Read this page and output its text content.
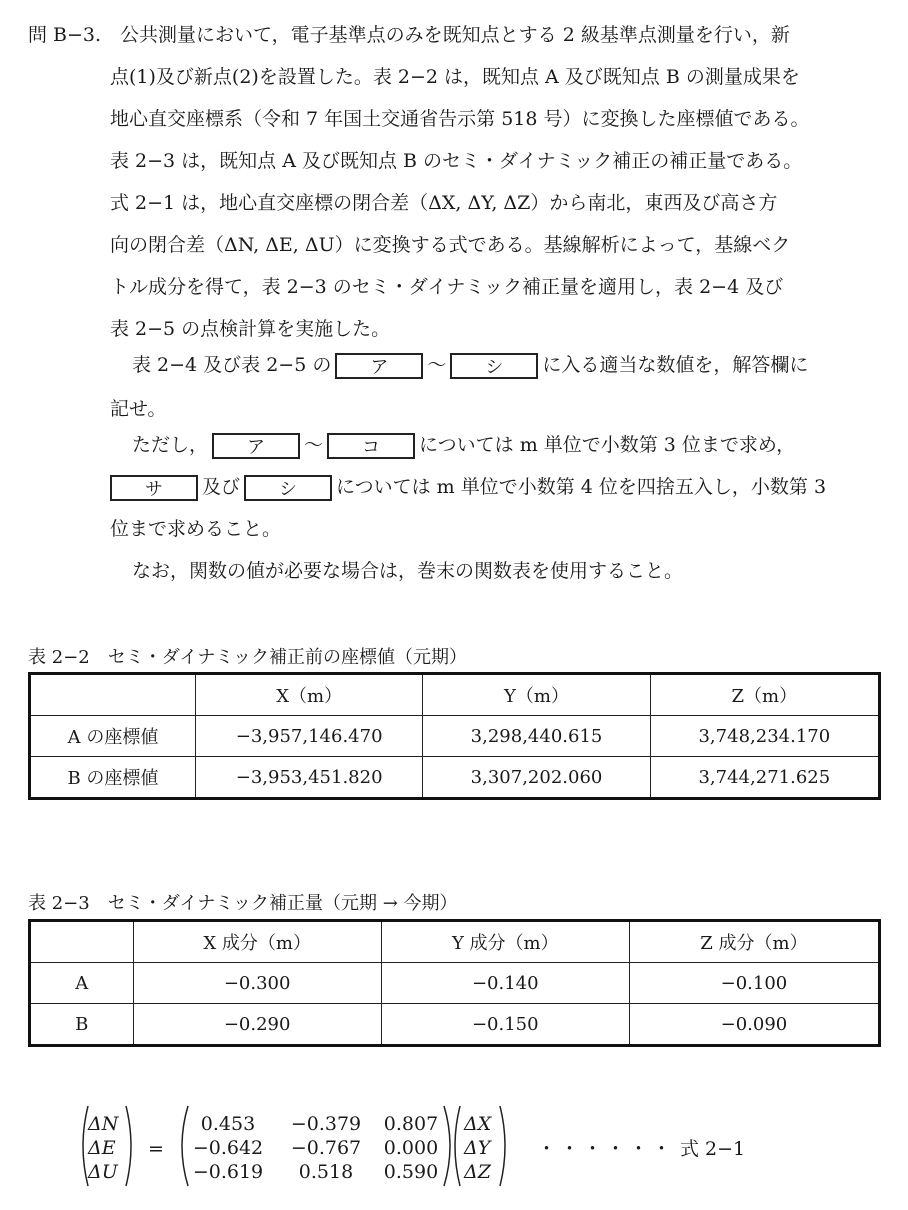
問 B−3.　公共測量において，電子基準点のみを既知点とする 2 級基準点測量を行い，新
点(1)及び新点(2)を設置した。表 2−2 は，既知点 A 及び既知点 B の測量成果を
地心直交座標系（令和 7 年国土交通省告示第 518 号）に変換した座標値である。
表 2−3 は，既知点 A 及び既知点 B のセミ・ダイナミック補正の補正量である。
式 2−1 は，地心直交座標の閉合差（ΔX, ΔY, ΔZ）から南北，東西及び高さ方
向の閉合差（ΔN, ΔE, ΔU）に変換する式である。基線解析によって，基線ベク
トル成分を得て，表 2−3 のセミ・ダイナミック補正量を適用し，表 2−4 及び
表 2−5 の点検計算を実施した。
表 2−4 及び表 2−5 の ア 〜 シ に入る適当な数値を，解答欄に
記せ。
ただし， ア 〜 コ については m 単位で小数第 3 位まで求め，
サ 及び シ については m 単位で小数第 4 位を四捨五入し，小数第 3
位まで求めること。
なお，関数の値が必要な場合は，巻末の関数表を使用すること。
表 2−2　セミ・ダイナミック補正前の座標値（元期）
	X（m）	Y（m）	Z（m）
A の座標値	−3,957,146.470	3,298,440.615	3,748,234.170
B の座標値	−3,953,451.820	3,307,202.060	3,744,271.625
表 2−3　セミ・ダイナミック補正量（元期 → 今期）
	X 成分（m）	Y 成分（m）	Z 成分（m）
A	−0.300	−0.140	−0.100
B	−0.290	−0.150	−0.090
ΔN
ΔE
ΔU
=
0.453 −0.379 0.807
−0.642 −0.767 0.000
−0.619 0.518 0.590
ΔX
ΔY
ΔZ
・・・・・・ 式 2−1
